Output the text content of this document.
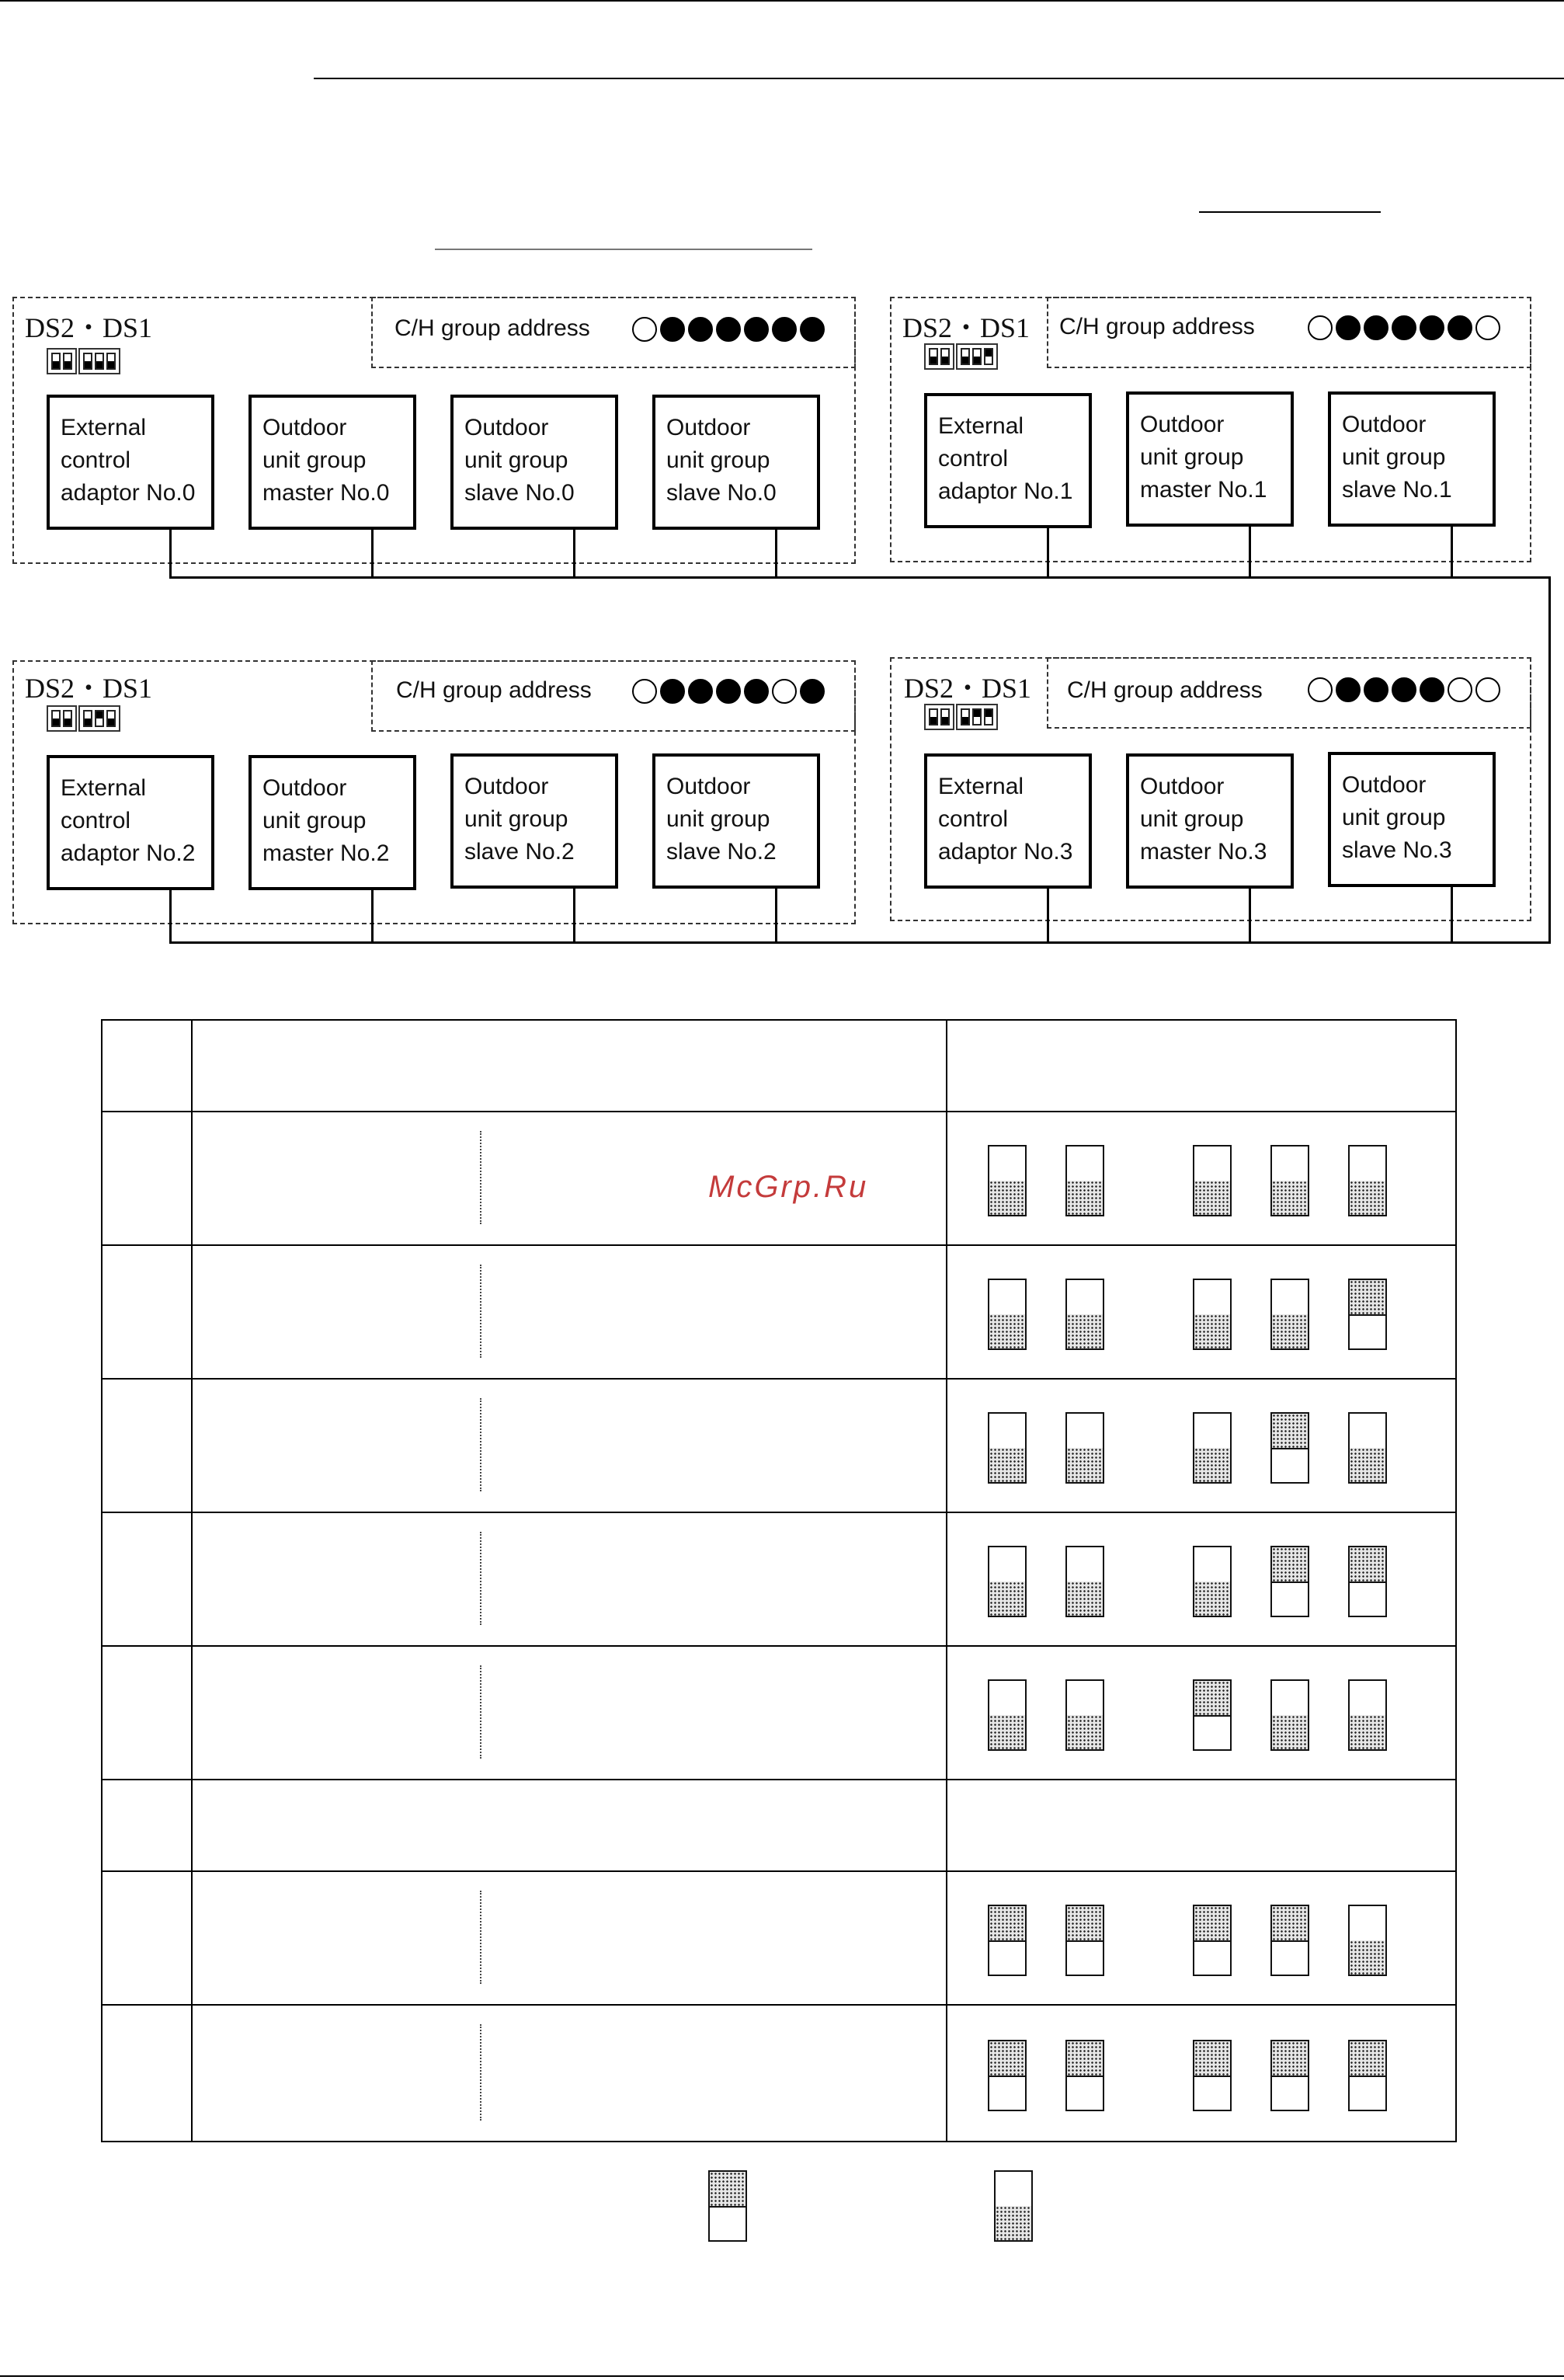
DS2・DS1	C/H group address
External
control
adaptor No.0
Outdoor
unit group
master No.0
Outdoor
unit group
slave No.0
Outdoor
unit group
slave No.0
DS2・DS1 C/H group address
External
control
adaptor No.1
Outdoor
unit group
master No.1
Outdoor
unit group
slave No.1
DS2・DS1	C/H group address
External
control
adaptor No.2
Outdoor
unit group
master No.2
Outdoor
unit group
slave No.2
Outdoor
unit group
slave No.2
DS2・DS1 C/H group address
External
control
adaptor No.3
Outdoor
unit group
master No.3
Outdoor
unit group
slave No.3
McGrp.Ru
